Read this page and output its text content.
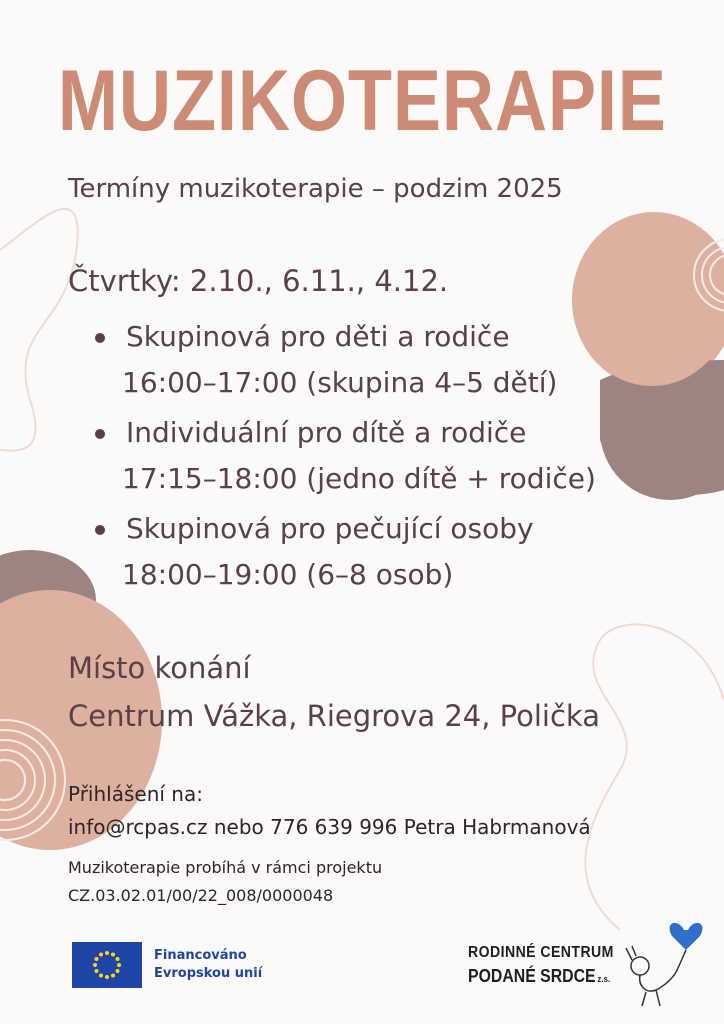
MUZIKOTERAPIE
Termíny muzikoterapie – podzim 2025
Čtvrtky: 2.10., 6.11., 4.12.
Skupinová pro děti a rodiče
16:00–17:00 (skupina 4–5 dětí)
Individuální pro dítě a rodiče
17:15–18:00 (jedno dítě + rodiče)
Skupinová pro pečující osoby
18:00–19:00 (6–8 osob)
Místo konání
Centrum Vážka, Riegrova 24, Polička
Přihlášení na:
info@rcpas.cz nebo 776 639 996 Petra Habrmanová
Muzikoterapie probíhá v rámci projektu
CZ.03.02.01/00/22_008/0000048
Financováno
Evropskou unií
RODINNÉ CENTRUM
PODANÉ SRDCE z.s.
